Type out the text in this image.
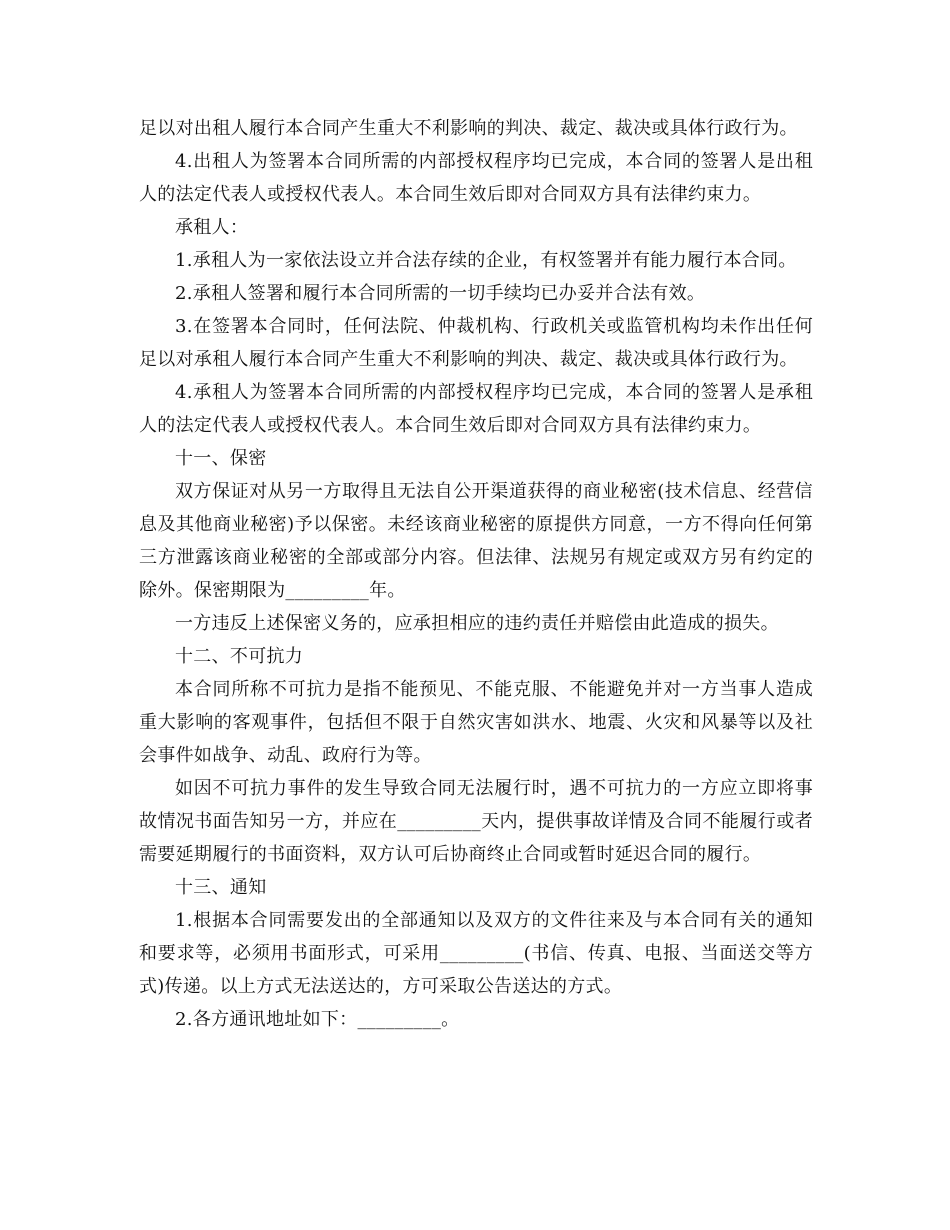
足以对出租人履行本合同产生重大不利影响的判决、裁定、裁决或具体行政行为。

4.出租人为签署本合同所需的内部授权程序均已完成，本合同的签署人是出租人的法定代表人或授权代表人。本合同生效后即对合同双方具有法律约束力。

承租人：

1.承租人为一家依法设立并合法存续的企业，有权签署并有能力履行本合同。

2.承租人签署和履行本合同所需的一切手续均已办妥并合法有效。

3.在签署本合同时，任何法院、仲裁机构、行政机关或监管机构均未作出任何足以对承租人履行本合同产生重大不利影响的判决、裁定、裁决或具体行政行为。

4.承租人为签署本合同所需的内部授权程序均已完成，本合同的签署人是承租人的法定代表人或授权代表人。本合同生效后即对合同双方具有法律约束力。

十一、保密

双方保证对从另一方取得且无法自公开渠道获得的商业秘密(技术信息、经营信息及其他商业秘密)予以保密。未经该商业秘密的原提供方同意，一方不得向任何第三方泄露该商业秘密的全部或部分内容。但法律、法规另有规定或双方另有约定的除外。保密期限为_________年。

一方违反上述保密义务的，应承担相应的违约责任并赔偿由此造成的损失。

十二、不可抗力

本合同所称不可抗力是指不能预见、不能克服、不能避免并对一方当事人造成重大影响的客观事件，包括但不限于自然灾害如洪水、地震、火灾和风暴等以及社会事件如战争、动乱、政府行为等。

如因不可抗力事件的发生导致合同无法履行时，遇不可抗力的一方应立即将事故情况书面告知另一方，并应在_________天内，提供事故详情及合同不能履行或者需要延期履行的书面资料，双方认可后协商终止合同或暂时延迟合同的履行。

十三、通知

1.根据本合同需要发出的全部通知以及双方的文件往来及与本合同有关的通知和要求等，必须用书面形式，可采用_________(书信、传真、电报、当面送交等方式)传递。以上方式无法送达的，方可采取公告送达的方式。

2.各方通讯地址如下：_________。
